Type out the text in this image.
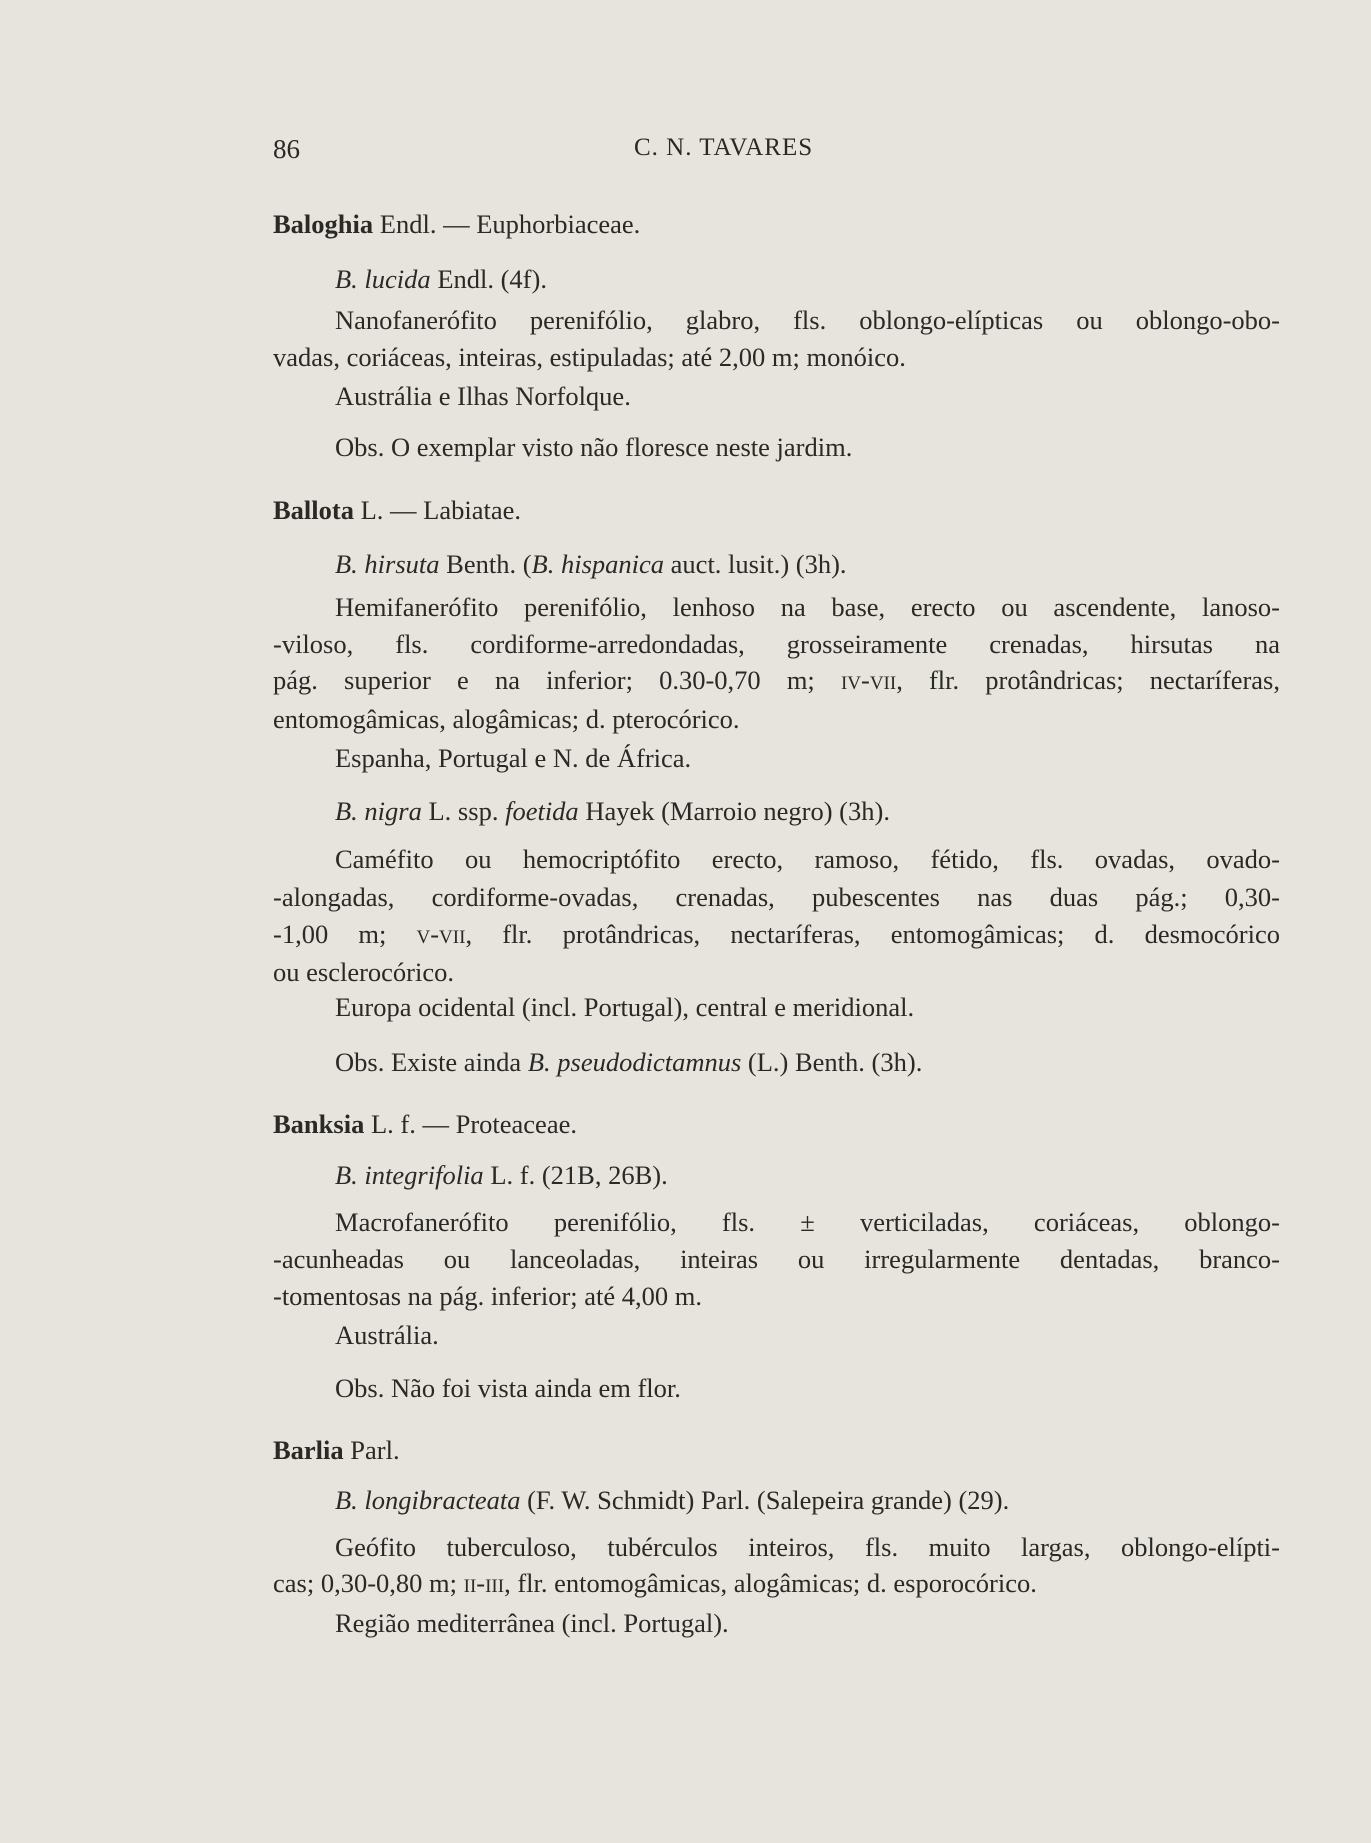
86	C. N. TAVARES
Baloghia Endl. — Euphorbiaceae.
B. lucida Endl. (4f).
Nanofanerófito perenifólio, glabro, fls. oblongo-elípticas ou oblongo-obo-
vadas, coriáceas, inteiras, estipuladas; até 2,00 m; monóico.
Austrália e Ilhas Norfolque.
Obs. O exemplar visto não floresce neste jardim.
Ballota L. — Labiatae.
B. hirsuta Benth. (B. hispanica auct. lusit.) (3h).
Hemifanerófito perenifólio, lenhoso na base, erecto ou ascendente, lanoso-
-viloso, fls. cordiforme-arredondadas, grosseiramente crenadas, hirsutas na
pág. superior e na inferior; 0.30-0,70 m; iv-vii, flr. protândricas; nectaríferas,
entomogâmicas, alogâmicas; d. pterocórico.
Espanha, Portugal e N. de África.
B. nigra L. ssp. foetida Hayek (Marroio negro) (3h).
Caméfito ou hemocriptófito erecto, ramoso, fétido, fls. ovadas, ovado-
-alongadas, cordiforme-ovadas, crenadas, pubescentes nas duas pág.; 0,30-
-1,00 m; v-vii, flr. protândricas, nectaríferas, entomogâmicas; d. desmocórico
ou esclerocórico.
Europa ocidental (incl. Portugal), central e meridional.
Obs. Existe ainda B. pseudodictamnus (L.) Benth. (3h).
Banksia L. f. — Proteaceae.
B. integrifolia L. f. (21B, 26B).
Macrofanerófito perenifólio, fls. ± verticiladas, coriáceas, oblongo-
-acunheadas ou lanceoladas, inteiras ou irregularmente dentadas, branco-
-tomentosas na pág. inferior; até 4,00 m.
Austrália.
Obs. Não foi vista ainda em flor.
Barlia Parl.
B. longibracteata (F. W. Schmidt) Parl. (Salepeira grande) (29).
Geófito tuberculoso, tubérculos inteiros, fls. muito largas, oblongo-elípti-
cas; 0,30-0,80 m; ii-iii, flr. entomogâmicas, alogâmicas; d. esporocórico.
Região mediterrânea (incl. Portugal).
